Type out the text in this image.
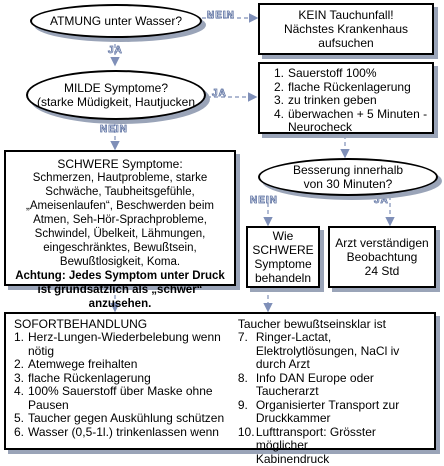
NEIN
JA
JA
NEIN
NEIN	JA
ATMUNG unter Wasser?	KEIN Tauchunfall!
Nächstes Krankenhaus
aufsuchen
MILDE Symptome?
(starke Müdigkeit, Hautjucken
1. Sauerstoff 100%
2. flache Rückenlagerung
3. zu trinken geben
4. überwachen + 5 Minuten -
Neurocheck
SCHWERE Symptome:
Schmerzen, Hautprobleme, starke Schwäche, Taubheitsgefühle, „Ameisenlaufen“, Beschwerden beim Atmen, Seh-Hör-Sprachprobleme, Schwindel, Übelkeit, Lähmungen, eingeschränktes, Bewußtsein, Bewußtlosigkeit, Koma.
Achtung: Jedes Symptom unter Druck ist grundsätzlich als „schwer“ anzusehen.
Besserung innerhalb
von 30 Minuten?
Wie
SCHWERE
Symptome
behandeln
Arzt verständigen
Beobachtung
24 Std
SOFORTBEHANDLUNG
1. Herz-Lungen-Wiederbelebung wenn nötig
2. Atemwege freihalten
3. flache Rückenlagerung
4. 100% Sauerstoff über Maske ohne
Pausen
5. Taucher gegen Auskühlung schützen
6. Wasser (0,5-1l.) trinkenlassen wenn
Taucher bewußtseinsklar ist
7. Ringer-Lactat, Elektrolytlösungen, NaCl iv
durch Arzt
8. Info DAN Europe oder Taucherarzt
9. Organisierter Transport zur
Druckkammer
10. Lufttransport: Grösster möglicher
Kabinendruck
